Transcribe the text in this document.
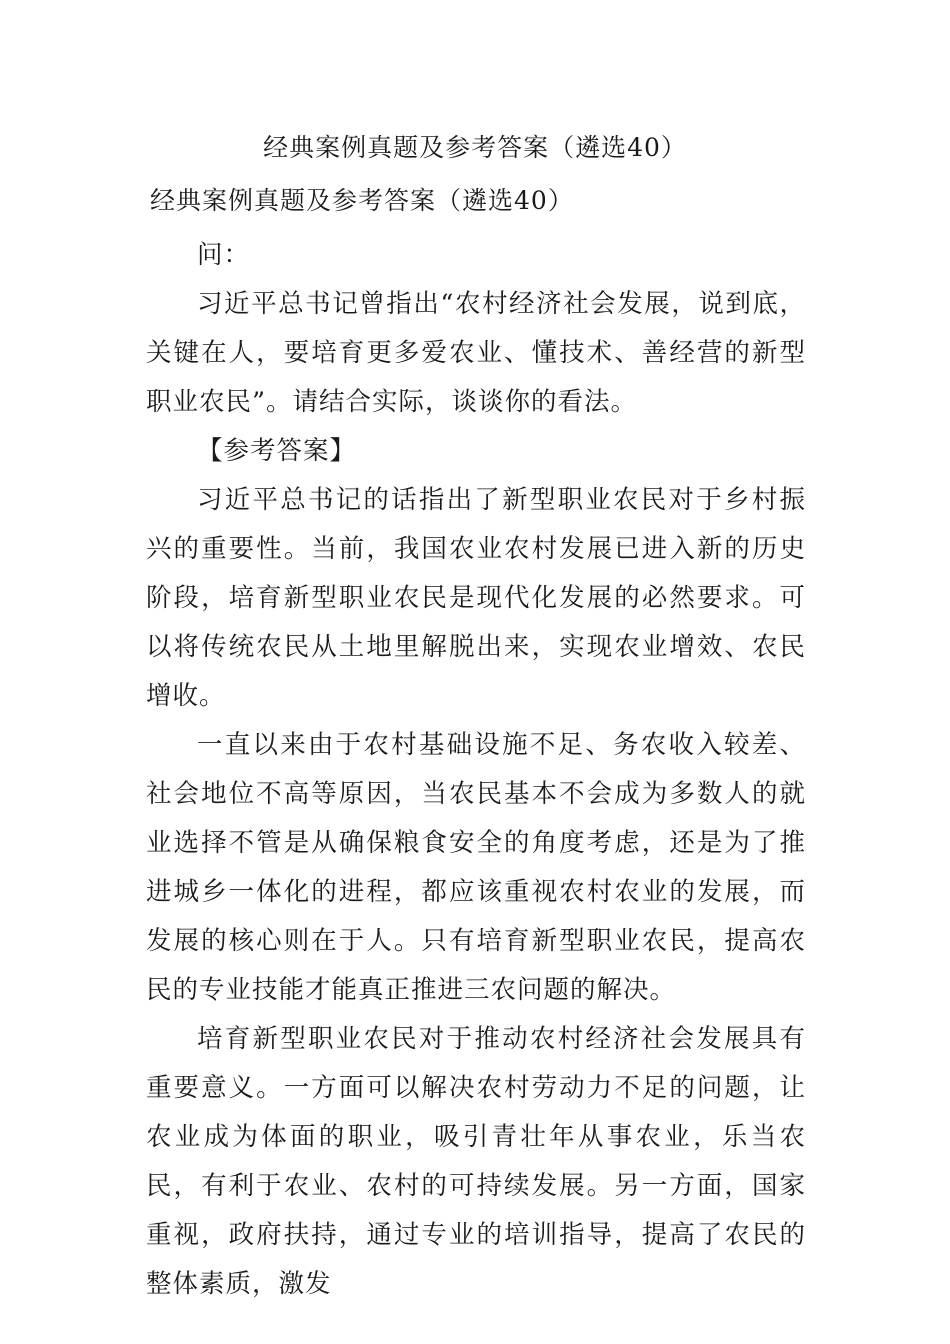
经典案例真题及参考答案（遴选40）
经典案例真题及参考答案（遴选40）

问：

习近平总书记曾指出“农村经济社会发展，说到底，关键在人，要培育更多爱农业、懂技术、善经营的新型职业农民”。请结合实际，谈谈你的看法。

【参考答案】

习近平总书记的话指出了新型职业农民对于乡村振兴的重要性。当前，我国农业农村发展已进入新的历史阶段，培育新型职业农民是现代化发展的必然要求。可以将传统农民从土地里解脱出来，实现农业增效、农民增收。

一直以来由于农村基础设施不足、务农收入较差、社会地位不高等原因，当农民基本不会成为多数人的就业选择不管是从确保粮食安全的角度考虑，还是为了推进城乡一体化的进程，都应该重视农村农业的发展，而发展的核心则在于人。只有培育新型职业农民，提高农民的专业技能才能真正推进三农问题的解决。

培育新型职业农民对于推动农村经济社会发展具有重要意义。一方面可以解决农村劳动力不足的问题，让农业成为体面的职业，吸引青壮年从事农业，乐当农民，有利于农业、农村的可持续发展。另一方面，国家重视，政府扶持，通过专业的培训指导，提高了农民的整体素质，激发
